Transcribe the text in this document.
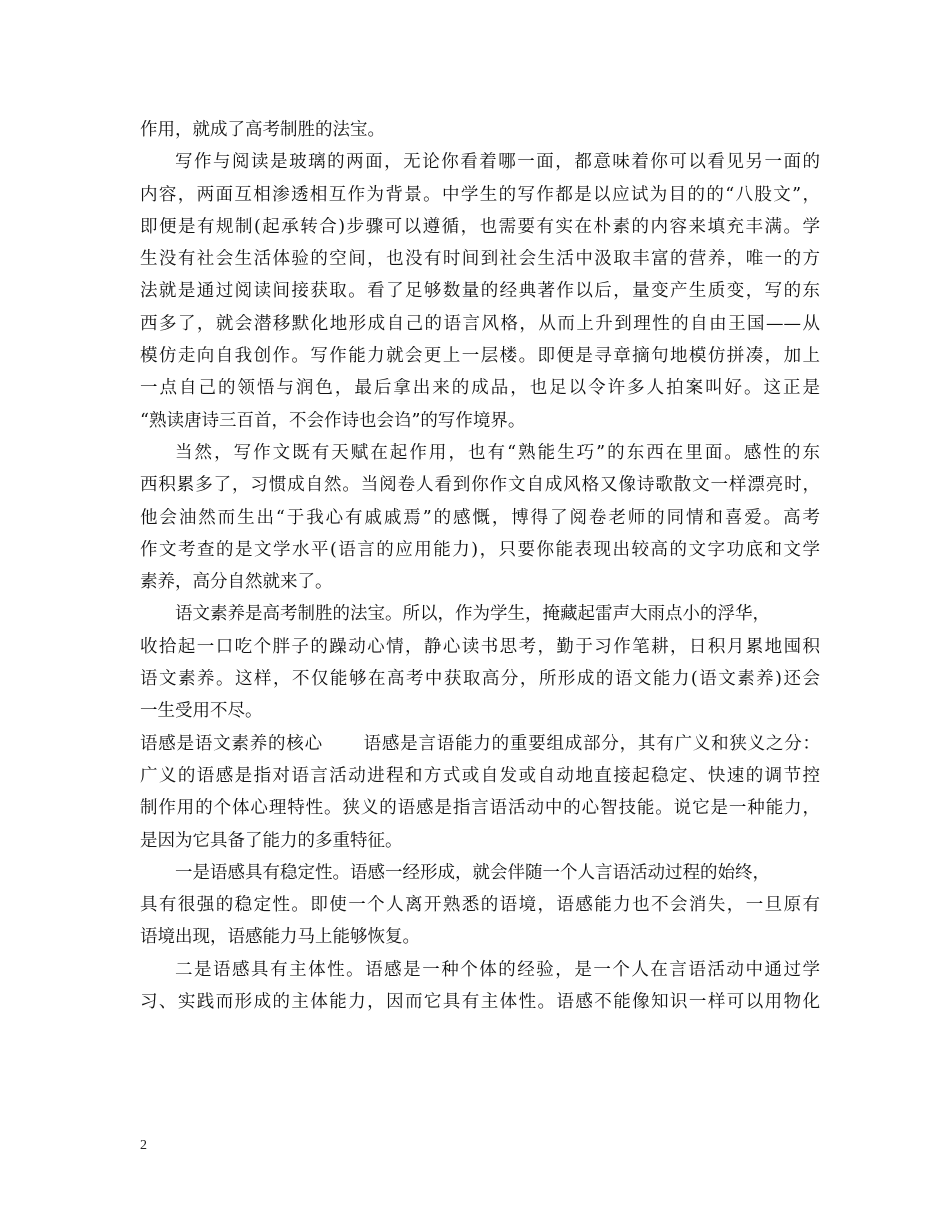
作用，就成了高考制胜的法宝。
写作与阅读是玻璃的两面，无论你看着哪一面，都意味着你可以看见另一面的
内容，两面互相渗透相互作为背景。中学生的写作都是以应试为目的的“八股文”，
即便是有规制(起承转合)步骤可以遵循，也需要有实在朴素的内容来填充丰满。学
生没有社会生活体验的空间，也没有时间到社会生活中汲取丰富的营养，唯一的方
法就是通过阅读间接获取。看了足够数量的经典著作以后，量变产生质变，写的东
西多了，就会潜移默化地形成自己的语言风格，从而上升到理性的自由王国——从
模仿走向自我创作。写作能力就会更上一层楼。即便是寻章摘句地模仿拼凑，加上
一点自己的领悟与润色，最后拿出来的成品，也足以令许多人拍案叫好。这正是
“熟读唐诗三百首，不会作诗也会诌”的写作境界。
当然，写作文既有天赋在起作用，也有“熟能生巧”的东西在里面。感性的东
西积累多了，习惯成自然。当阅卷人看到你作文自成风格又像诗歌散文一样漂亮时，
他会油然而生出“于我心有戚戚焉”的感慨，博得了阅卷老师的同情和喜爱。高考
作文考查的是文学水平(语言的应用能力)，只要你能表现出较高的文字功底和文学
素养，高分自然就来了。
语文素养是高考制胜的法宝。所以，作为学生，掩藏起雷声大雨点小的浮华，
收拾起一口吃个胖子的躁动心情，静心读书思考，勤于习作笔耕，日积月累地囤积
语文素养。这样，不仅能够在高考中获取高分，所形成的语文能力(语文素养)还会
一生受用不尽。
语感是语文素养的核心 语感是言语能力的重要组成部分，其有广义和狭义之分：
广义的语感是指对语言活动进程和方式或自发或自动地直接起稳定、快速的调节控
制作用的个体心理特性。狭义的语感是指言语活动中的心智技能。说它是一种能力，
是因为它具备了能力的多重特征。
一是语感具有稳定性。语感一经形成，就会伴随一个人言语活动过程的始终，
具有很强的稳定性。即使一个人离开熟悉的语境，语感能力也不会消失，一旦原有
语境出现，语感能力马上能够恢复。
二是语感具有主体性。语感是一种个体的经验，是一个人在言语活动中通过学
习、实践而形成的主体能力，因而它具有主体性。语感不能像知识一样可以用物化
2
